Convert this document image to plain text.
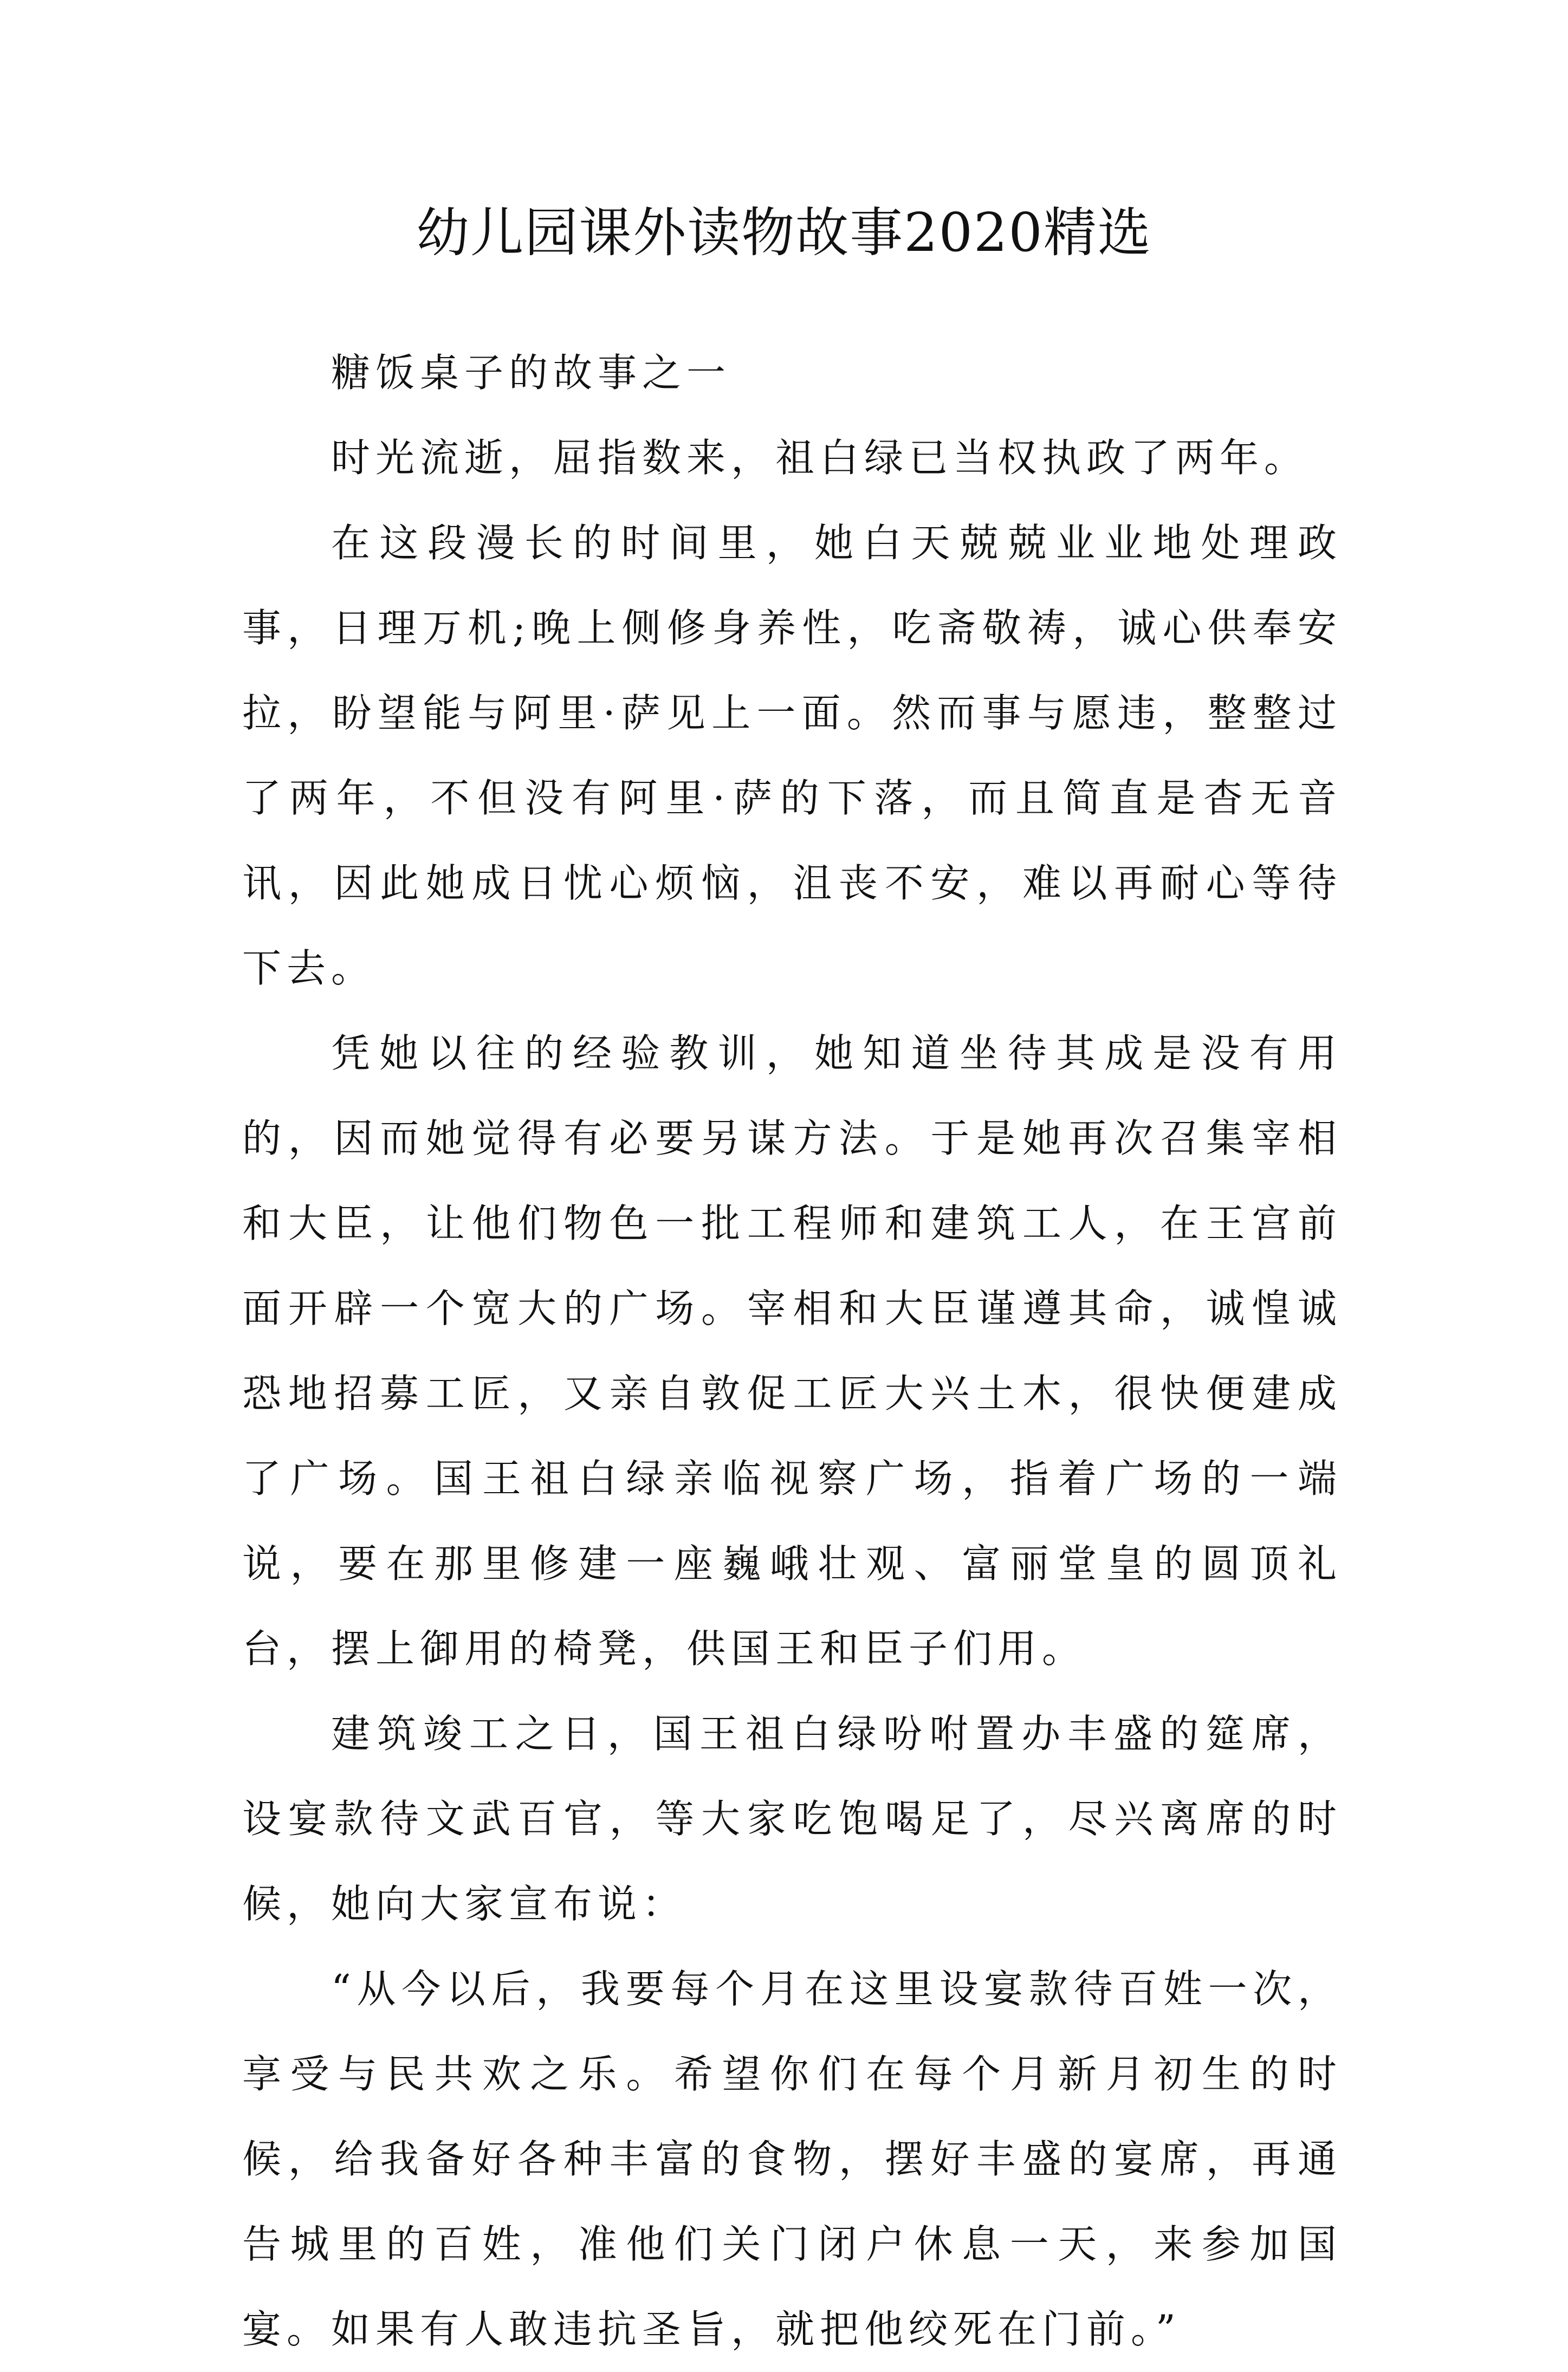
幼儿园课外读物故事2020精选

糖饭桌子的故事之一

时光流逝，屈指数来，祖白绿已当权执政了两年。

在这段漫长的时间里，她白天兢兢业业地处理政事，日理万机;晚上侧修身养性，吃斋敬祷，诚心供奉安拉，盼望能与阿里·萨见上一面。然而事与愿违，整整过了两年，不但没有阿里·萨的下落，而且简直是杳无音讯，因此她成日忧心烦恼，沮丧不安，难以再耐心等待下去。

凭她以往的经验教训，她知道坐待其成是没有用的，因而她觉得有必要另谋方法。于是她再次召集宰相和大臣，让他们物色一批工程师和建筑工人，在王宫前面开辟一个宽大的广场。宰相和大臣谨遵其命，诚惶诚恐地招募工匠，又亲自敦促工匠大兴土木，很快便建成了广场。国王祖白绿亲临视察广场，指着广场的一端说，要在那里修建一座巍峨壮观、富丽堂皇的圆顶礼台，摆上御用的椅凳，供国王和臣子们用。

建筑竣工之日，国王祖白绿吩咐置办丰盛的筵席，设宴款待文武百官，等大家吃饱喝足了，尽兴离席的时候，她向大家宣布说：

“从今以后，我要每个月在这里设宴款待百姓一次，享受与民共欢之乐。希望你们在每个月新月初生的时候，给我备好各种丰富的食物，摆好丰盛的宴席，再通告城里的百姓，准他们关门闭户休息一天，来参加国宴。如果有人敢违抗圣旨，就把他绞死在门前。”
